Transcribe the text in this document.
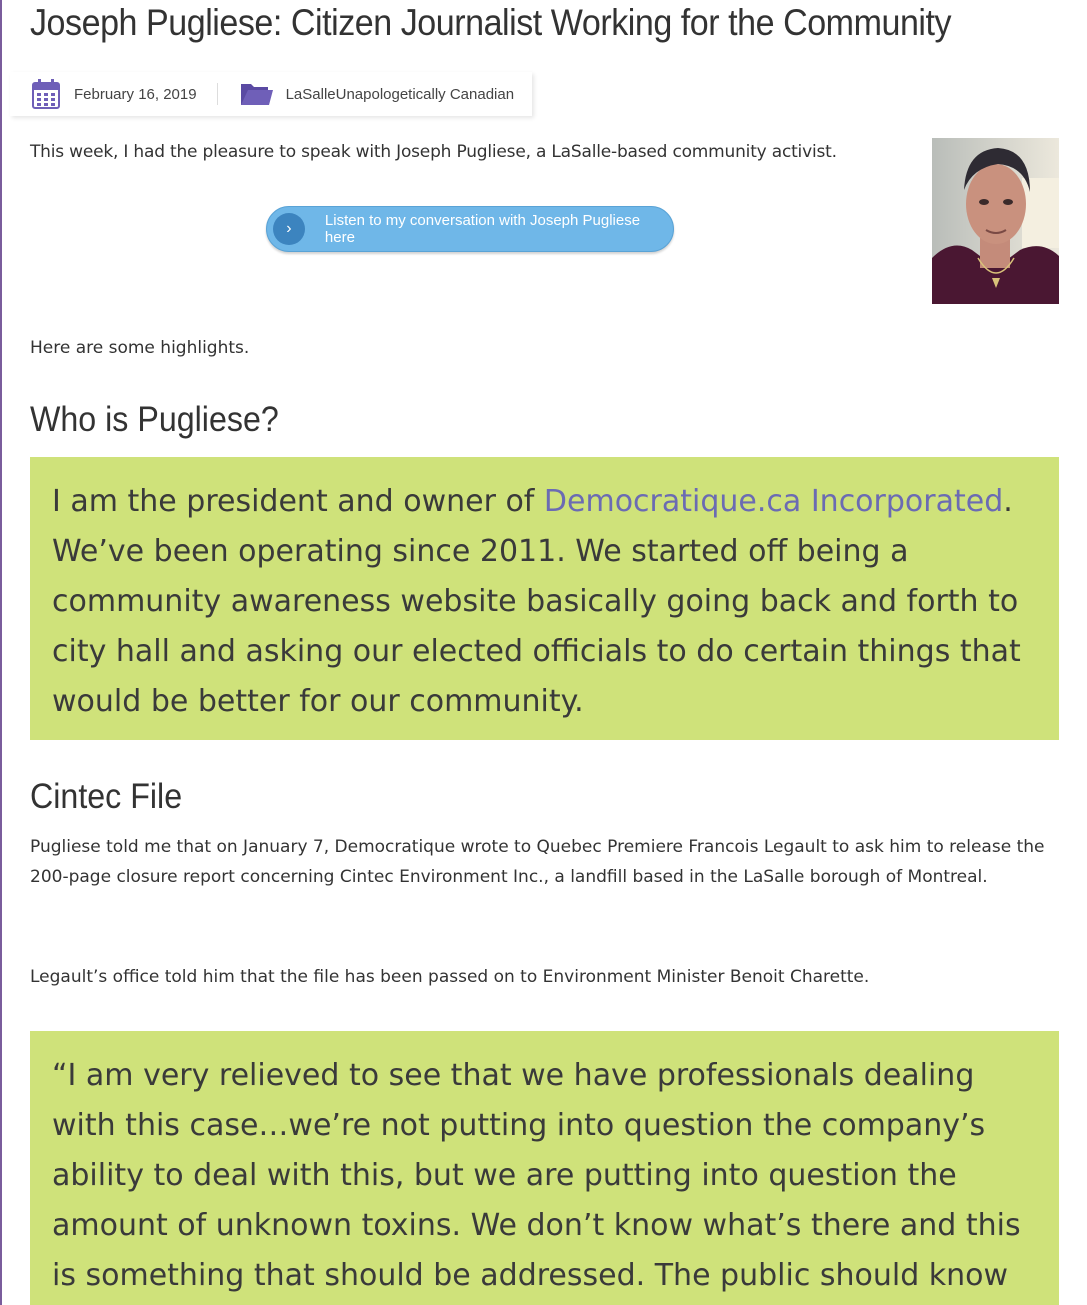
Joseph Pugliese: Citizen Journalist Working for the Community
February 16, 2019	LaSalleUnapologetically Canadian

This week, I had the pleasure to speak with Joseph Pugliese, a LaSalle-based community activist.

›	Listen to my conversation with Joseph Pugliese here

Here are some highlights.

Who is Pugliese?
I am the president and owner of Democratique.ca Incorporated. We’ve been operating since 2011. We started off being a community awareness website basically going back and forth to city hall and asking our elected officials to do certain things that would be better for our community.
Cintec File

Pugliese told me that on January 7, Democratique wrote to Quebec Premiere Francois Legault to ask him to release the 200-page closure report concerning Cintec Environment Inc., a landfill based in the LaSalle borough of Montreal.

Legault’s office told him that the file has been passed on to Environment Minister Benoit Charette.

“I am very relieved to see that we have professionals dealing with this case…we’re not putting into question the company’s ability to deal with this, but we are putting into question the amount of unknown toxins. We don’t know what’s there and this is something that should be addressed. The public should know
